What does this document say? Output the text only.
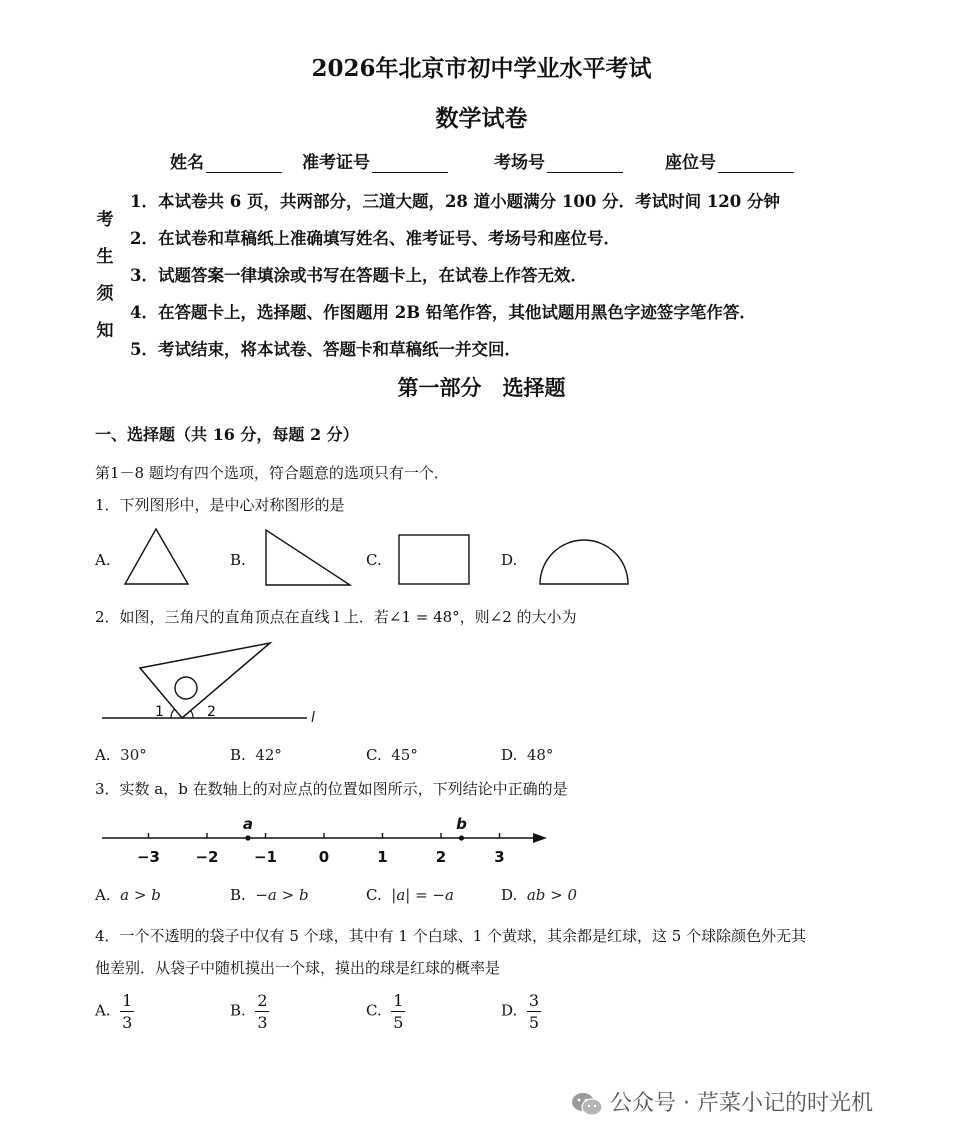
2026年北京市初中学业水平考试
数学试卷
姓名	准考证号	考场号	座位号
考
生
须
知
1．本试卷共 6 页，共两部分，三道大题，28 道小题满分 100 分．考试时间 120 分钟
2．在试卷和草稿纸上准确填写姓名、准考证号、考场号和座位号．
3．试题答案一律填涂或书写在答题卡上，在试卷上作答无效．
4．在答题卡上，选择题、作图题用 2B 铅笔作答，其他试题用黑色字迹签字笔作答．
5．考试结束，将本试卷、答题卡和草稿纸一并交回．
第一部分　选择题
一、选择题（共 16 分，每题 2 分）
第1－8 题均有四个选项，符合题意的选项只有一个．
1．下列图形中，是中心对称图形的是
A.	B.	C.	D.
2．如图，三角尺的直角顶点在直线 l 上．若∠1 = 48°，则∠2 的大小为
1	2	l
A. 30°	B. 42°	C. 45°	D. 48°
3．实数 a，b 在数轴上的对应点的位置如图所示，下列结论中正确的是
−3 −2 −1	0	1	2	3
a	b
A. a > b	B. −a > b	C. |a| = −a	D. ab > 0
4．一个不透明的袋子中仅有 5 个球，其中有 1 个白球、1 个黄球，其余都是红球，这 5 个球除颜色外无其
他差别．从袋子中随机摸出一个球，摸出的球是红球的概率是
A. $\frac{1}{3}$	B. $\frac{2}{3}$	C. $\frac{1}{5}$	D. $\frac{3}{5}$
公众号 · 芹菜小记的时光机
